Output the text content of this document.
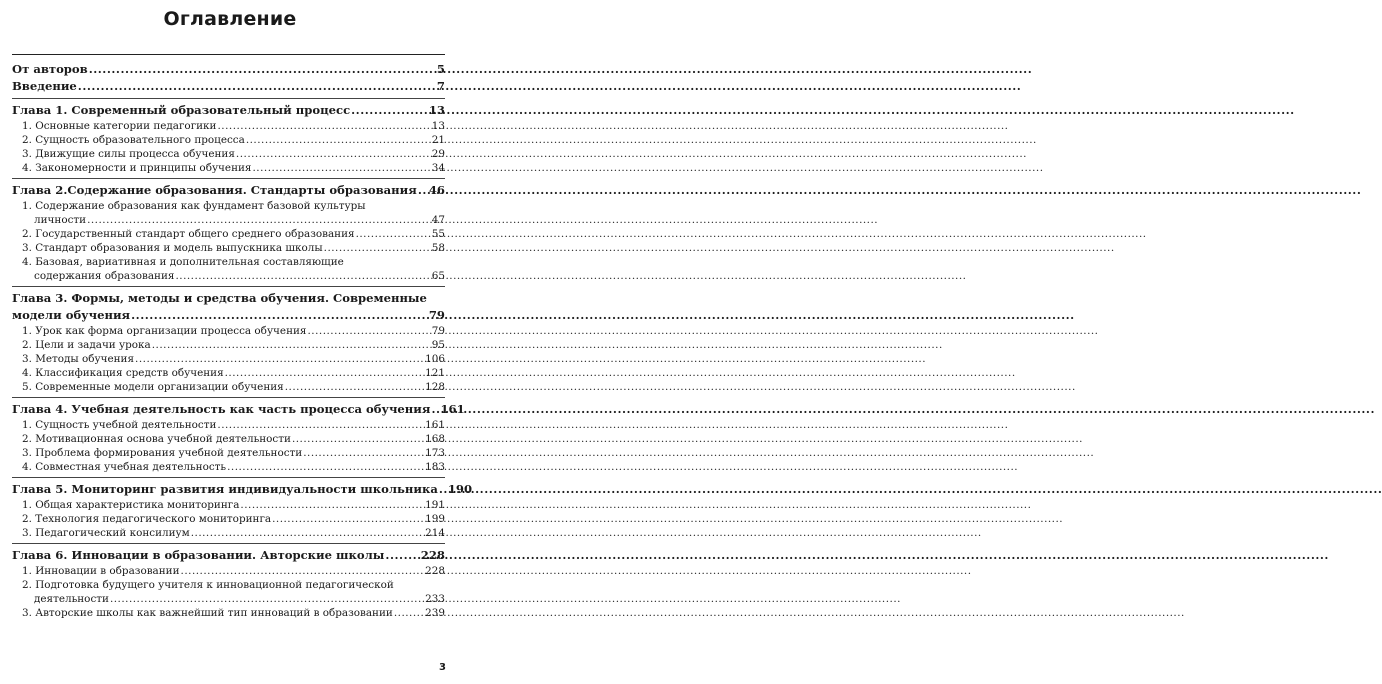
Оглавление
От авторов .....	5
Введение .....	7
Глава 1. Современный образовательный процесс .....	13
1. Основные категории педагогики .....	13
2. Сущность образовательного процесса .....	21
3. Движущие силы процесса обучения .....	29
4. Закономерности и принципы обучения .....	34
Глава 2.Содержание образования. Стандарты образования ..... 46
1. Содержание образования как фундамент базовой культуры
личности .....	47
2. Государственный стандарт общего среднего образования .....	55
3. Стандарт образования и модель выпускника школы .....	58
4. Базовая, вариативная и дополнительная составляющие
содержания образования .....	65
Глава 3. Формы, методы и средства обучения. Современные
модели обучения .....	79
1. Урок как форма организации процесса обучения .....	79
2. Цели и задачи урока .....	95
3. Методы обучения .....	106
4. Классификация средств обучения .....	121
5. Современные модели организации обучения .....	128
Глава 4. Учебная деятельность как часть процесса обучения ..... 161
1. Сущность учебной деятельности .....	161
2. Мотивационная основа учебной деятельности .....	168
3. Проблема формирования учебной деятельности .....	173
4. Совместная учебная деятельность .....	183
Глава 5. Мониторинг развития индивидуальности школьника ..... 190
1. Общая характеристика мониторинга .....	191
2. Технология педагогического мониторинга .....	199
3. Педагогический консилиум .....	214
Глава 6. Инновации в образовании. Авторские школы .....	228
1. Инновации в образовании .....	228
2. Подготовка будущего учителя к инновационной педагогической
деятельности .....	233
3. Авторские школы как важнейший тип инноваций в образовании .....	239
3
